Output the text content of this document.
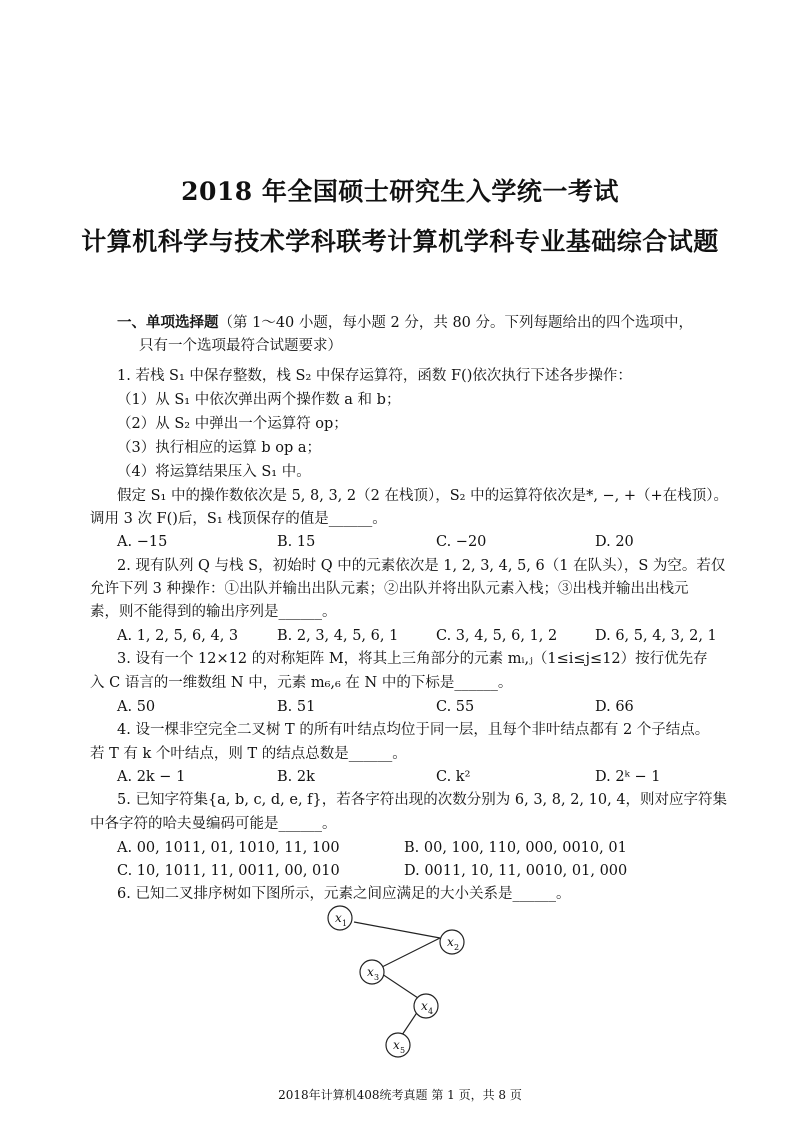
2018 年全国硕士研究生入学统一考试
计算机科学与技术学科联考计算机学科专业基础综合试题
一、单项选择题（第 1～40 小题，每小题 2 分，共 80 分。下列每题给出的四个选项中，
只有一个选项最符合试题要求）
1. 若栈 S₁ 中保存整数，栈 S₂ 中保存运算符，函数 F()依次执行下述各步操作：
（1）从 S₁ 中依次弹出两个操作数 a 和 b；
（2）从 S₂ 中弹出一个运算符 op；
（3）执行相应的运算 b op a；
（4）将运算结果压入 S₁ 中。
假定 S₁ 中的操作数依次是 5, 8, 3, 2（2 在栈顶），S₂ 中的运算符依次是*, −, +（+在栈顶）。
调用 3 次 F()后，S₁ 栈顶保存的值是______。
A. −15	B. 15	C. −20	D. 20
2. 现有队列 Q 与栈 S，初始时 Q 中的元素依次是 1, 2, 3, 4, 5, 6（1 在队头），S 为空。若仅
允许下列 3 种操作：①出队并输出出队元素；②出队并将出队元素入栈；③出栈并输出出栈元
素，则不能得到的输出序列是______。
A. 1, 2, 5, 6, 4, 3	B. 2, 3, 4, 5, 6, 1	C. 3, 4, 5, 6, 1, 2	D. 6, 5, 4, 3, 2, 1
3. 设有一个 12×12 的对称矩阵 M，将其上三角部分的元素 mᵢ,ⱼ（1≤i≤j≤12）按行优先存
入 C 语言的一维数组 N 中，元素 m₆,₆ 在 N 中的下标是______。
A. 50	B. 51	C. 55	D. 66
4. 设一棵非空完全二叉树 T 的所有叶结点均位于同一层，且每个非叶结点都有 2 个子结点。
若 T 有 k 个叶结点，则 T 的结点总数是______。
A. 2k − 1	B. 2k	C. k²	D. 2ᵏ − 1
5. 已知字符集{a, b, c, d, e, f}，若各字符出现的次数分别为 6, 3, 8, 2, 10, 4，则对应字符集
中各字符的哈夫曼编码可能是______。
A. 00, 1011, 01, 1010, 11, 100	B. 00, 100, 110, 000, 0010, 01
C. 10, 1011, 11, 0011, 00, 010	D. 0011, 10, 11, 0010, 01, 000
6. 已知二叉排序树如下图所示，元素之间应满足的大小关系是______。
x 1
x 2
x 3
x 4
x 5
2018年计算机408统考真题 第 1 页，共 8 页
